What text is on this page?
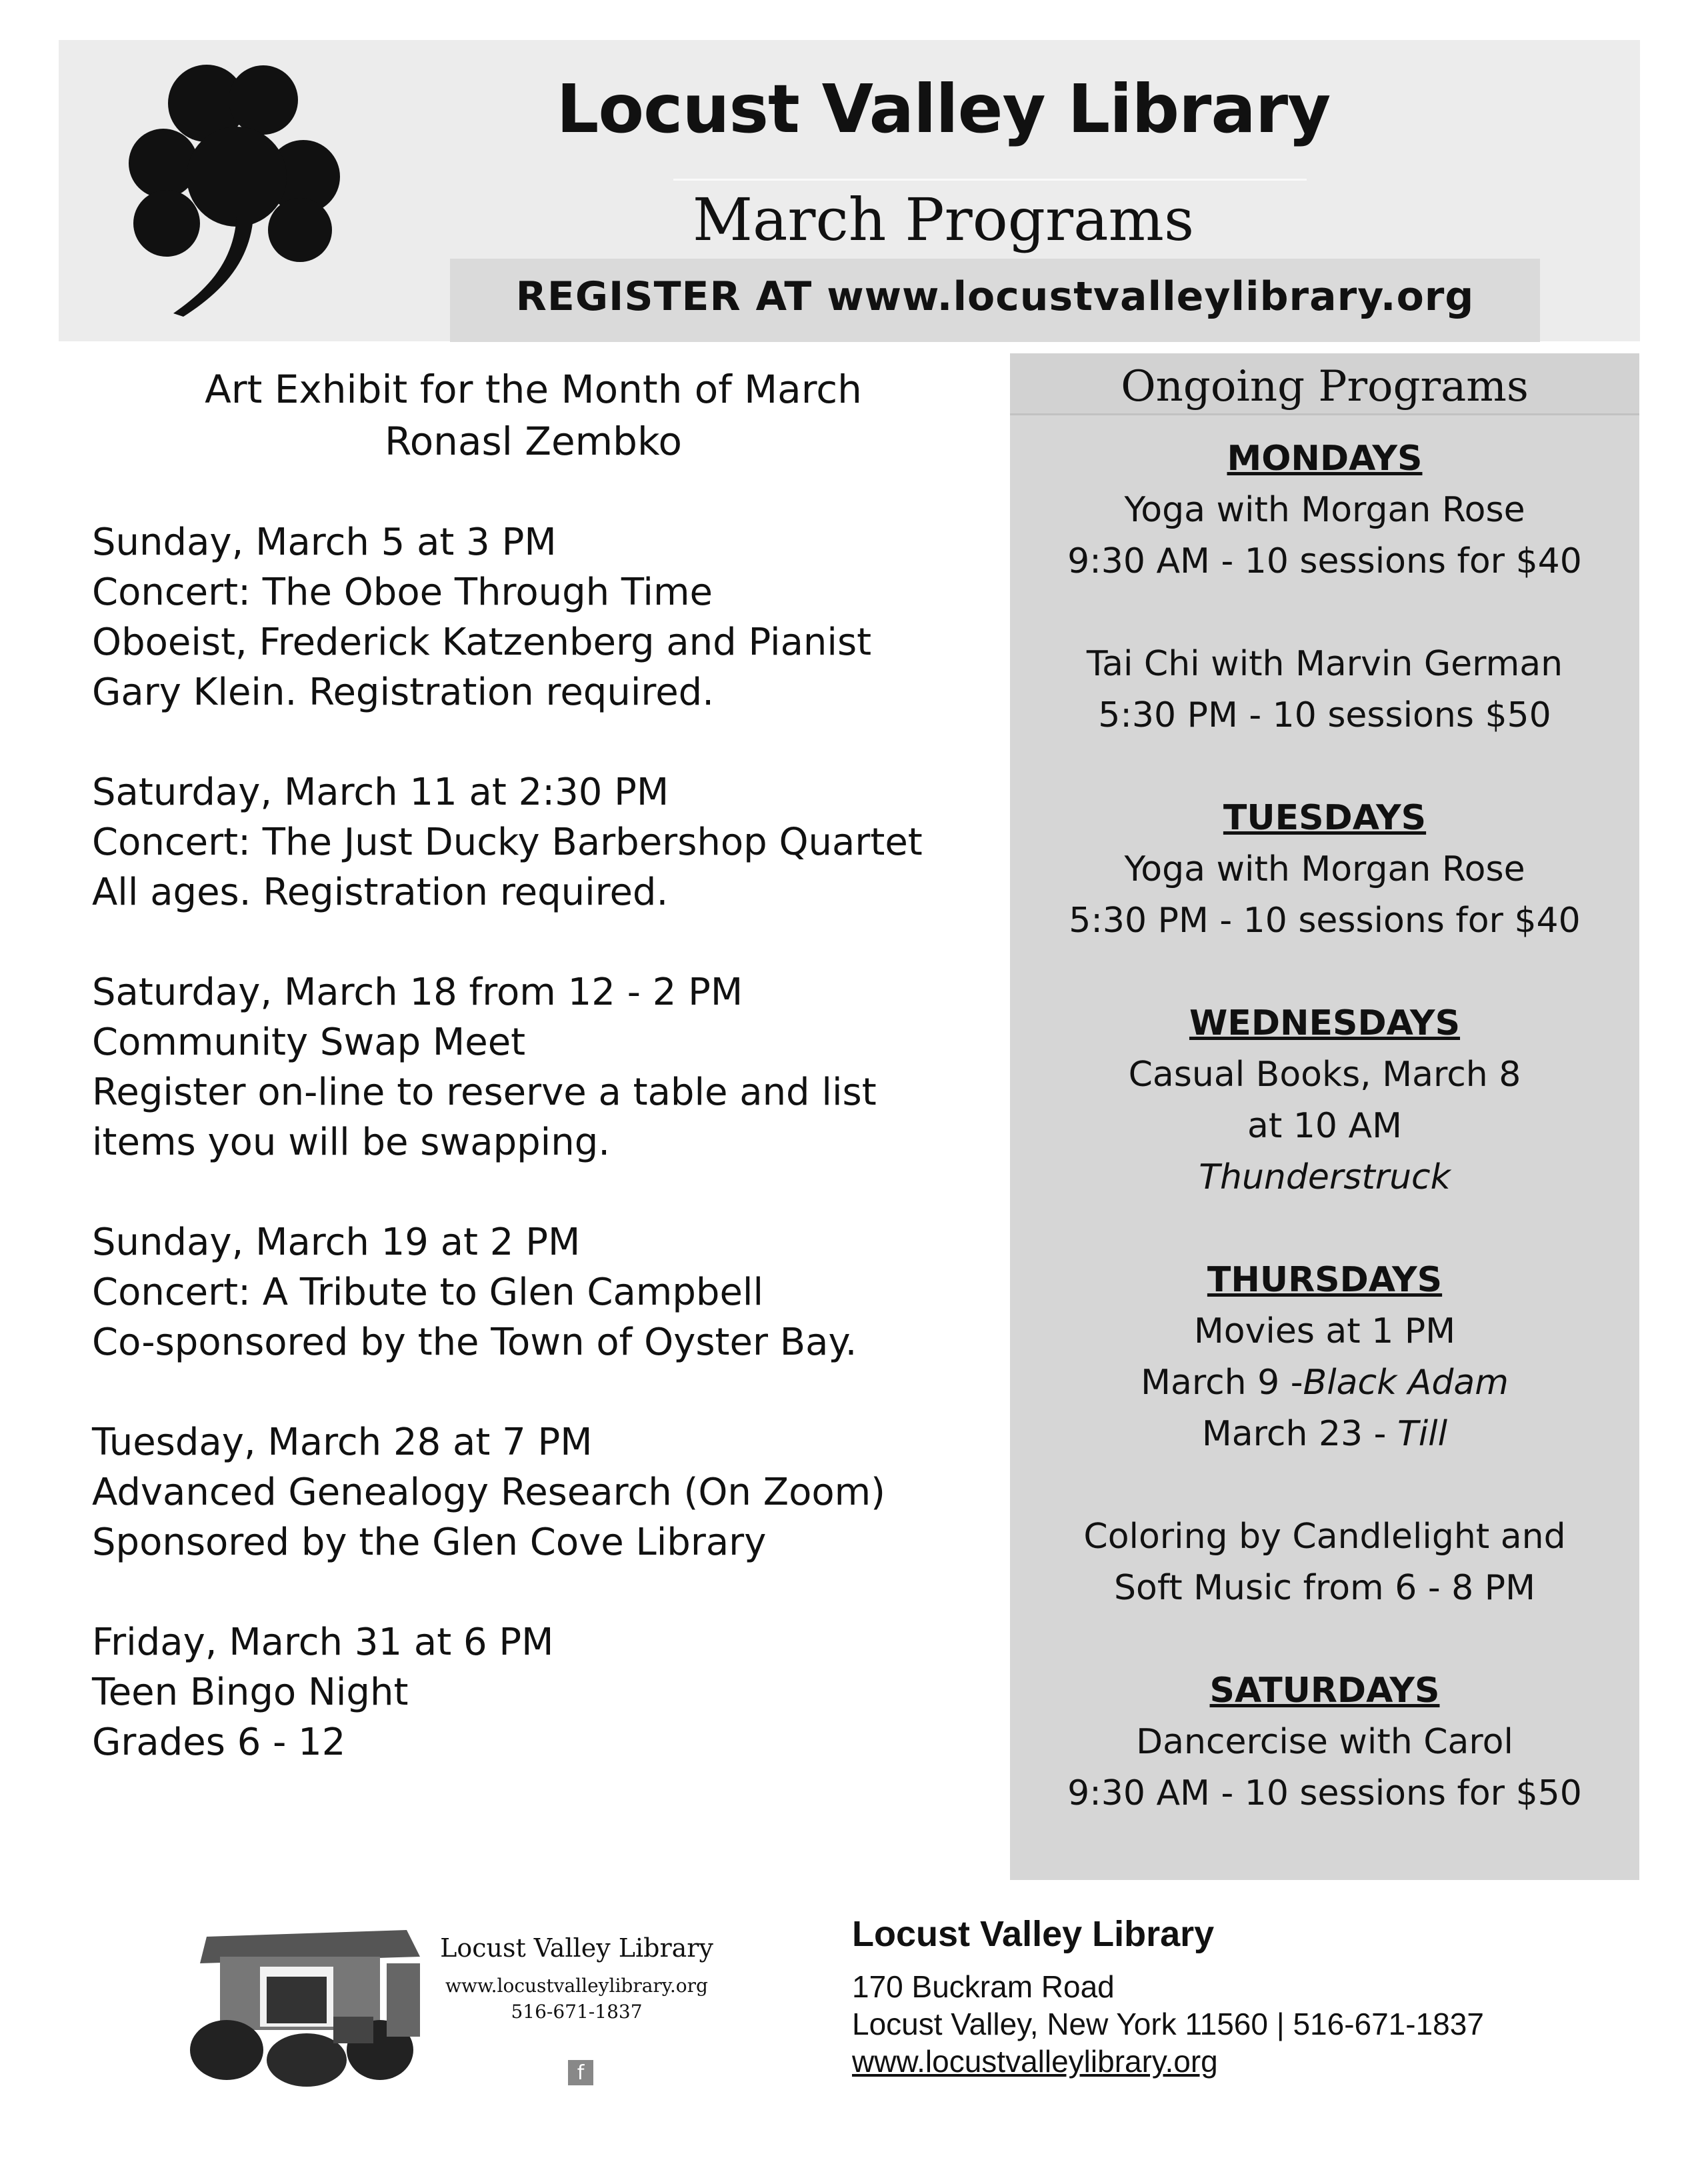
Locust Valley Library
March Programs
REGISTER AT www.locustvalleylibrary.org
Art Exhibit for the Month of March
Ronasl Zembko
Sunday, March 5 at 3 PM
Concert: The Oboe Through Time
Oboeist, Frederick Katzenberg and Pianist
Gary Klein. Registration required.
Saturday, March 11 at 2:30 PM
Concert: The Just Ducky Barbershop Quartet
All ages. Registration required.
Saturday, March 18 from 12 - 2 PM
Community Swap Meet
Register on-line to reserve a table and list
items you will be swapping.
Sunday, March 19 at 2 PM
Concert: A Tribute to Glen Campbell
Co-sponsored by the Town of Oyster Bay.
Tuesday, March 28 at 7 PM
Advanced Genealogy Research (On Zoom)
Sponsored by the Glen Cove Library
Friday, March 31 at 6 PM
Teen Bingo Night
Grades 6 - 12
Ongoing Programs
MONDAYS
Yoga with Morgan Rose
9:30 AM - 10 sessions for $40
Tai Chi with Marvin German
5:30 PM - 10 sessions $50
TUESDAYS
Yoga with Morgan Rose
5:30 PM - 10 sessions for $40
WEDNESDAYS
Casual Books, March 8
at 10 AM
Thunderstruck
THURSDAYS
Movies at 1 PM
March 9 -Black Adam
March 23 - Till
Coloring by Candlelight and
Soft Music from 6 - 8 PM
SATURDAYS
Dancercise with Carol
9:30 AM - 10 sessions for $50
Locust Valley Library
www.locustvalleylibrary.org
516-671-1837
f
Locust Valley Library
170 Buckram Road
Locust Valley, New York 11560 | 516-671-1837
www.locustvalleylibrary.org
